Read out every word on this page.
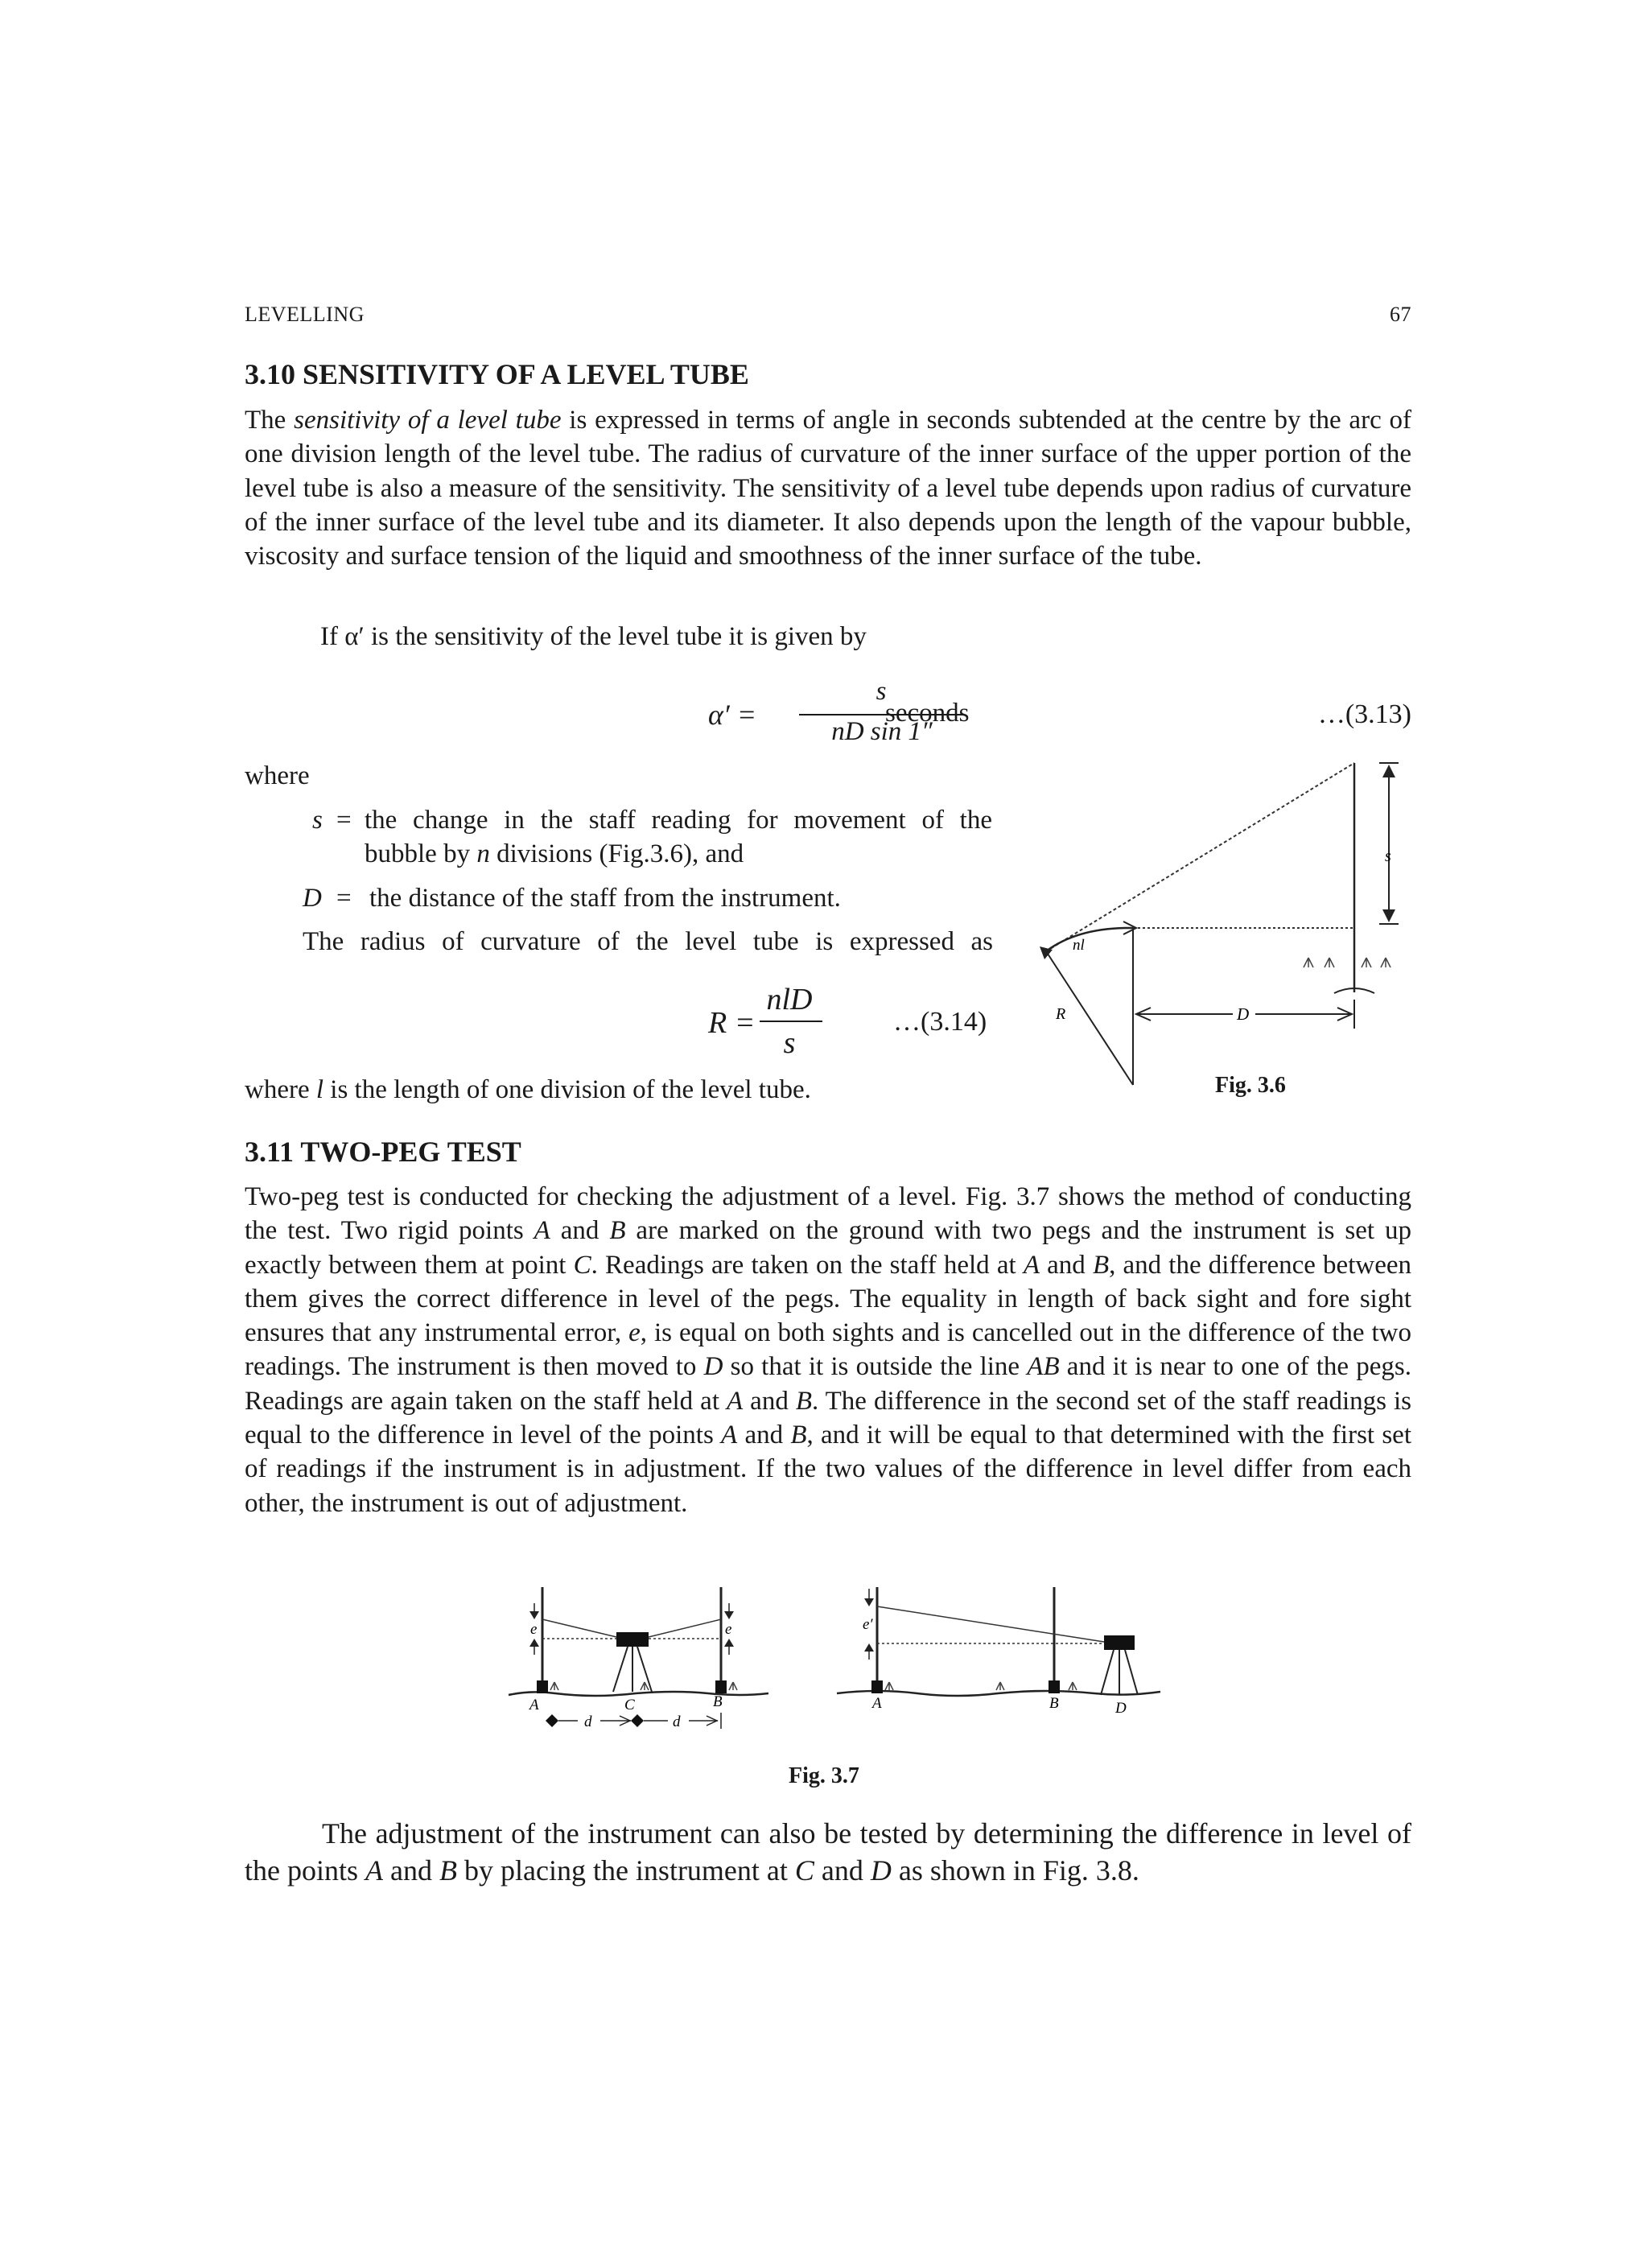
LEVELLING	67
3.10 SENSITIVITY OF A LEVEL TUBE
The sensitivity of a level tube is expressed in terms of angle in seconds subtended at the centre by the arc of one division length of the level tube. The radius of curvature of the inner surface of the upper portion of the level tube is also a measure of the sensitivity. The sensitivity of a level tube depends upon radius of curvature of the inner surface of the level tube and its diameter. It also depends upon the length of the vapour bubble, viscosity and surface tension of the liquid and smoothness of the inner surface of the tube.
If α′ is the sensitivity of the level tube it is given by
α′ =
s
nD sin 1″
seconds	…(3.13)
where
s = the change in the staff reading for movement of the
bubble by n divisions (Fig.3.6), and
D = the distance of the staff from the instrument.
The radius of curvature of the level tube is expressed as
R =
nlD
s
…(3.14)
where l is the length of one division of the level tube.
s
D
nl
R
Fig. 3.6
3.11 TWO-PEG TEST
Two-peg test is conducted for checking the adjustment of a level. Fig. 3.7 shows the method of conducting the test. Two rigid points A and B are marked on the ground with two pegs and the instrument is set up exactly between them at point C. Readings are taken on the staff held at A and B, and the difference between them gives the correct difference in level of the pegs. The equality in length of back sight and fore sight ensures that any instrumental error, e, is equal on both sights and is cancelled out in the difference of the two readings. The instrument is then moved to D so that it is outside the line AB and it is near to one of the pegs. Readings are again taken on the staff held at A and B. The difference in the second set of the staff readings is equal to the difference in level of the points A and B, and it will be equal to that determined with the first set of readings if the instrument is in adjustment. If the two values of the difference in level differ from each other, the instrument is out of adjustment.
e	e
A	C	B
d	d
e′
A	B	D
Fig. 3.7
The adjustment of the instrument can also be tested by determining the difference in level of the points A and B by placing the instrument at C and D as shown in Fig. 3.8.
